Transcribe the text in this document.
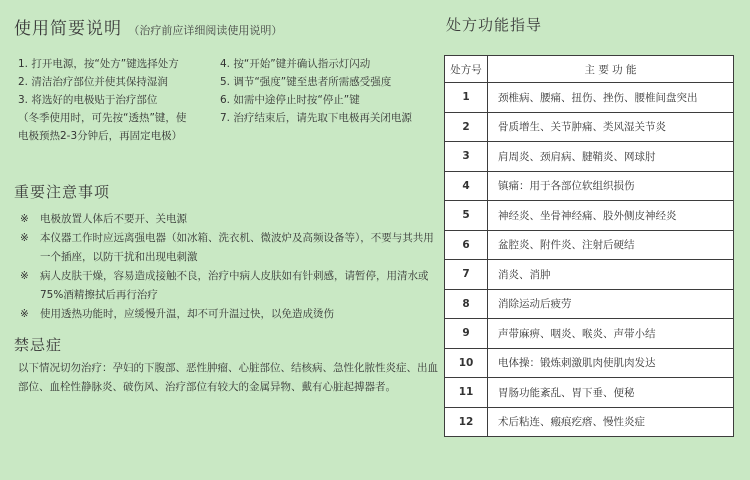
使用简要说明 （治疗前应详细阅读使用说明）
1. 打开电源，按“处方”键选择处方
2. 清洁治疗部位并使其保持湿润
3. 将选好的电极贴于治疗部位
（冬季使用时，可先按“透热”键，使
电极预热2-3分钟后，再固定电极）
4. 按“开始”键并确认指示灯闪动
5. 调节“强度”键至患者所需感受强度
6. 如需中途停止时按“停止”键
7. 治疗结束后，请先取下电极再关闭电源
重要注意事项
※ 电极放置人体后不要开、关电源
※ 本仪器工作时应远离强电器（如冰箱、洗衣机、微波炉及高频设备等），不要与其共用一个插座，以防干扰和出现电刺激
※ 病人皮肤干燥，容易造成接触不良，治疗中病人皮肤如有针刺感，请暂停，用清水或75%酒精擦拭后再行治疗
※ 使用透热功能时，应缓慢升温，却不可升温过快，以免造成烫伤
禁忌症
以下情况切勿治疗：孕妇的下腹部、恶性肿瘤、心脏部位、结核病、急性化脓性炎症、出血部位、血栓性静脉炎、破伤风、治疗部位有较大的金属异物、戴有心脏起搏器者。
处方功能指导
处方号	主 要 功 能
1	颈椎病、腰痛、扭伤、挫伤、腰椎间盘突出
2	骨质增生、关节肿痛、类风湿关节炎
3	肩周炎、颈肩病、腱鞘炎、网球肘
4	镇痛：用于各部位软组织损伤
5	神经炎、坐骨神经痛、股外侧皮神经炎
6	盆腔炎、附件炎、注射后硬结
7	消炎、消肿
8	消除运动后疲劳
9	声带麻痹、咽炎、喉炎、声带小结
10	电体操：锻炼刺激肌肉使肌肉发达
11	胃肠功能紊乱、胃下垂、便秘
12	术后粘连、瘢痕疙瘩、慢性炎症
